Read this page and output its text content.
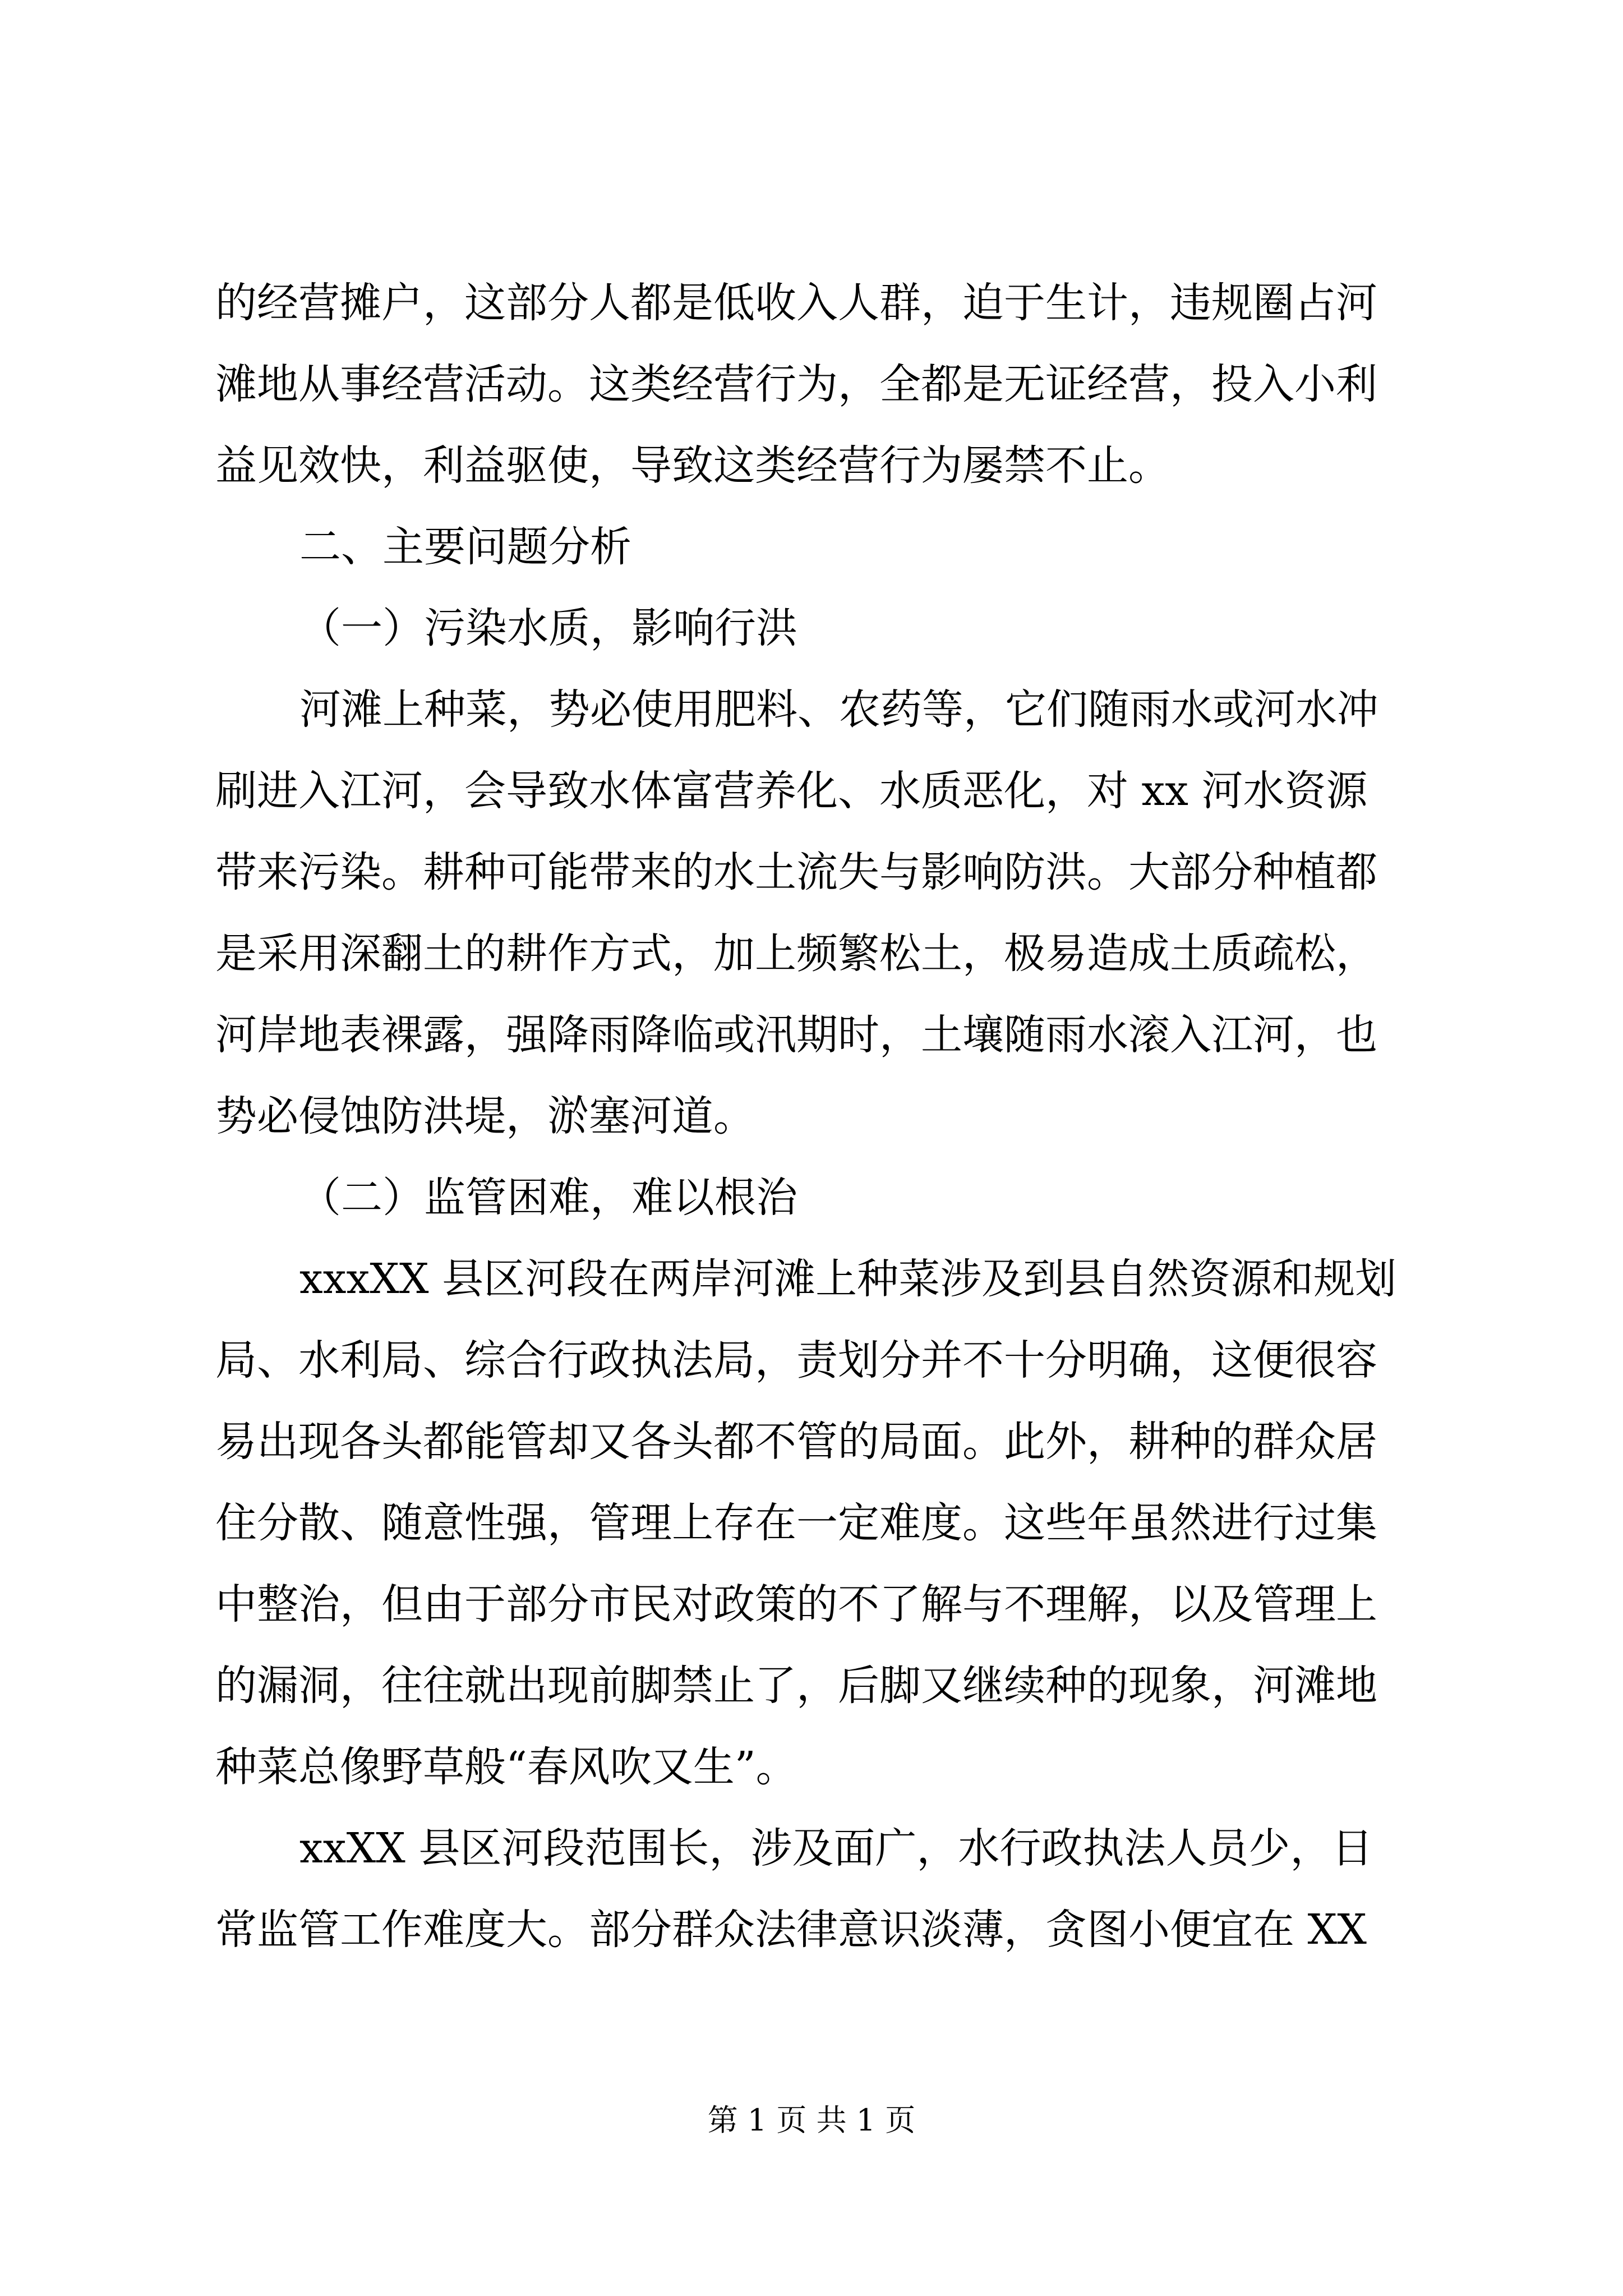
的经营摊户，这部分人都是低收入人群，迫于生计，违规圈占河
滩地从事经营活动。这类经营行为，全都是无证经营，投入小利
益见效快，利益驱使，导致这类经营行为屡禁不止。
二、主要问题分析
（一）污染水质，影响行洪
河滩上种菜，势必使用肥料、农药等，它们随雨水或河水冲
刷进入江河，会导致水体富营养化、水质恶化，对 xx 河水资源
带来污染。耕种可能带来的水土流失与影响防洪。大部分种植都
是采用深翻土的耕作方式，加上频繁松土，极易造成土质疏松，
河岸地表裸露，强降雨降临或汛期时，土壤随雨水滚入江河，也
势必侵蚀防洪堤，淤塞河道。
（二）监管困难，难以根治
xxxXX 县区河段在两岸河滩上种菜涉及到县自然资源和规划
局、水利局、综合行政执法局，责划分并不十分明确，这便很容
易出现各头都能管却又各头都不管的局面。此外，耕种的群众居
住分散、随意性强，管理上存在一定难度。这些年虽然进行过集
中整治，但由于部分市民对政策的不了解与不理解，以及管理上
的漏洞，往往就出现前脚禁止了，后脚又继续种的现象，河滩地
种菜总像野草般“春风吹又生”。
xxXX 县区河段范围长，涉及面广，水行政执法人员少，日
常监管工作难度大。部分群众法律意识淡薄，贪图小便宜在 XX
第 1 页 共 1 页
